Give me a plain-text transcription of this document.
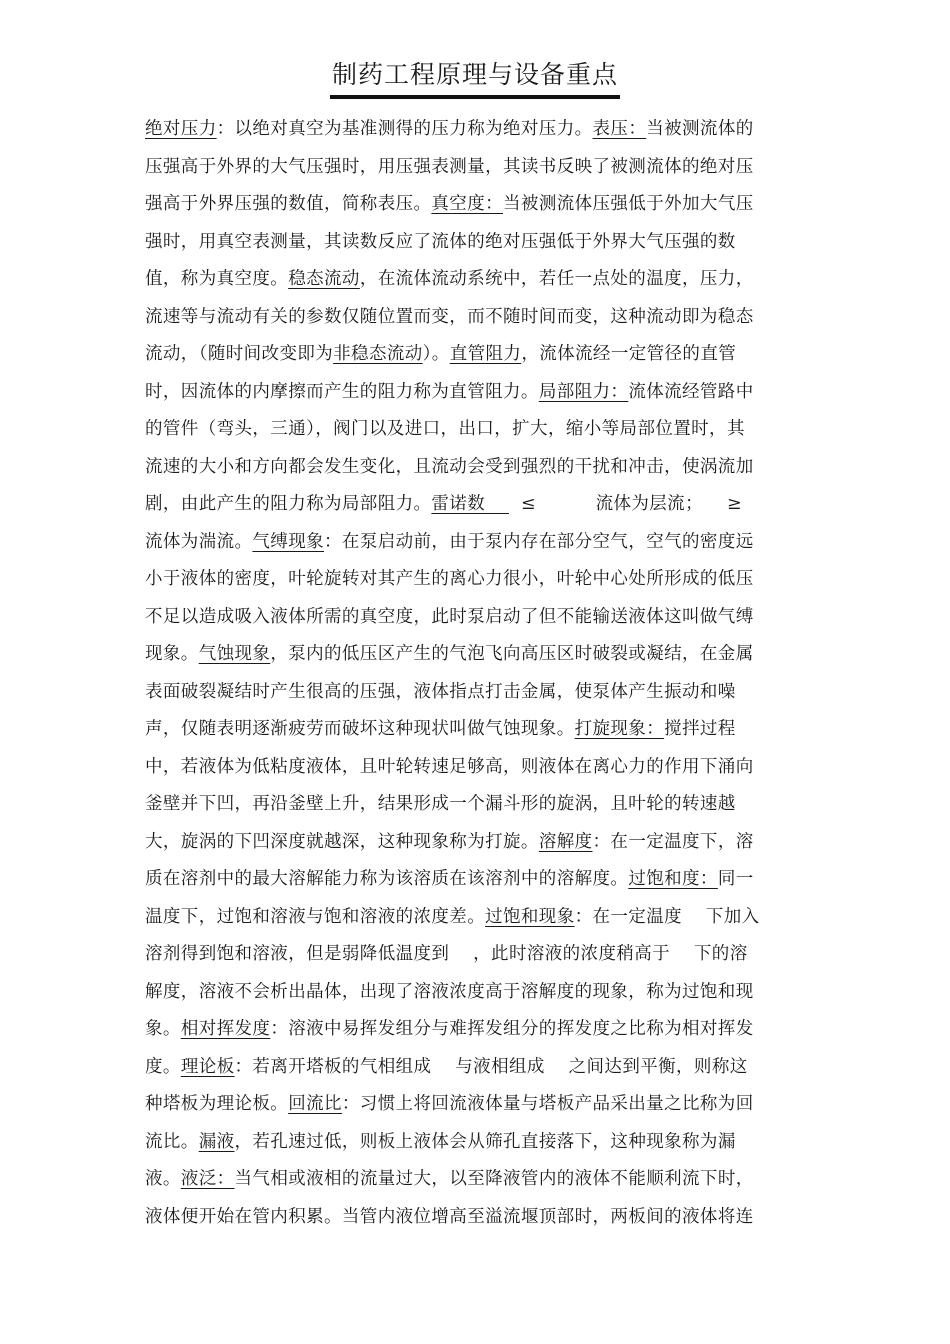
制药工程原理与设备重点
绝对压力：以绝对真空为基准测得的压力称为绝对压力。表压：当被测流体的
压强高于外界的大气压强时，用压强表测量，其读书反映了被测流体的绝对压
强高于外界压强的数值，简称表压。真空度：当被测流体压强低于外加大气压
强时，用真空表测量，其读数反应了流体的绝对压强低于外界大气压强的数
值，称为真空度。稳态流动，在流体流动系统中，若任一点处的温度，压力，
流速等与流动有关的参数仅随位置而变，而不随时间而变，这种流动即为稳态
流动，（随时间改变即为非稳态流动）。直管阻力，流体流经一定管径的直管
时，因流体的内摩擦而产生的阻力称为直管阻力。局部阻力：流体流经管路中
的管件（弯头，三通），阀门以及进口，出口，扩大，缩小等局部位置时，其
流速的大小和方向都会发生变化，且流动会受到强烈的干扰和冲击，使涡流加
剧，由此产生的阻力称为局部阻力。雷诺数      ≤          流体为层流；    ≥
流体为湍流。气缚现象：在泵启动前，由于泵内存在部分空气，空气的密度远
小于液体的密度，叶轮旋转对其产生的离心力很小，叶轮中心处所形成的低压
不足以造成吸入液体所需的真空度，此时泵启动了但不能输送液体这叫做气缚
现象。气蚀现象，泵内的低压区产生的气泡飞向高压区时破裂或凝结，在金属
表面破裂凝结时产生很高的压强，液体指点打击金属，使泵体产生振动和噪
声，仅随表明逐渐疲劳而破坏这种现状叫做气蚀现象。打旋现象：搅拌过程
中，若液体为低粘度液体，且叶轮转速足够高，则液体在离心力的作用下涌向
釜壁并下凹，再沿釜壁上升，结果形成一个漏斗形的旋涡，且叶轮的转速越
大，旋涡的下凹深度就越深，这种现象称为打旋。溶解度：在一定温度下，溶
质在溶剂中的最大溶解能力称为该溶质在该溶剂中的溶解度。过饱和度：同一
温度下，过饱和溶液与饱和溶液的浓度差。过饱和现象：在一定温度    下加入
溶剂得到饱和溶液，但是弱降低温度到    ，此时溶液的浓度稍高于    下的溶
解度，溶液不会析出晶体，出现了溶液浓度高于溶解度的现象，称为过饱和现
象。相对挥发度：溶液中易挥发组分与难挥发组分的挥发度之比称为相对挥发
度。理论板：若离开塔板的气相组成    与液相组成    之间达到平衡，则称这
种塔板为理论板。回流比：习惯上将回流液体量与塔板产品采出量之比称为回
流比。漏液，若孔速过低，则板上液体会从筛孔直接落下，这种现象称为漏
液。液泛：当气相或液相的流量过大，以至降液管内的液体不能顺利流下时，
液体便开始在管内积累。当管内液位增高至溢流堰顶部时，两板间的液体将连
